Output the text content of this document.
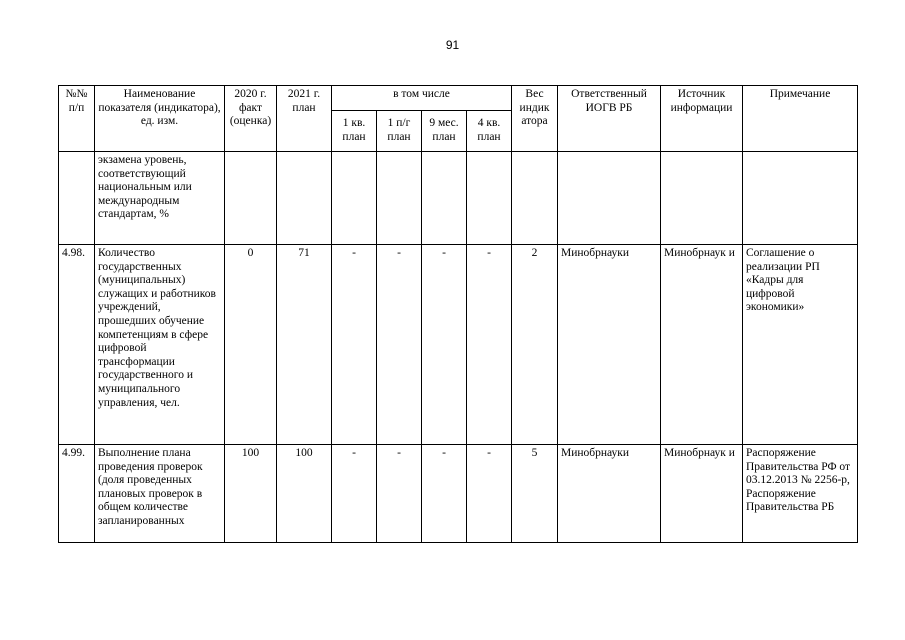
91
№№ п/п	Наименование показателя (индикатора), ед. изм.	2020 г. факт (оценка)	2021 г. план	в том числе				Вес индик атора	Ответственный ИОГВ РБ	Источник информации	Примечание
				1 кв. план	1 п/г план	9 мес. план	4 кв. план				
	экзамена уровень, соответствующий национальным или международным стандартам, %										
4.98.	Количество государственных (муниципальных) служащих и работников учреждений, прошедших обучение компетенциям в сфере цифровой трансформации государственного и муниципального управления, чел.	0	71	-	-	-	-	2	Минобрнауки	Минобрнаук и	Соглашение о реализации РП «Кадры для цифровой экономики»
4.99.	Выполнение плана проведения проверок (доля проведенных плановых проверок в общем количестве запланированных	100	100	-	-	-	-	5	Минобрнауки	Минобрнаук и	Распоряжение Правительства РФ от 03.12.2013 № 2256-р, Распоряжение Правительства РБ
